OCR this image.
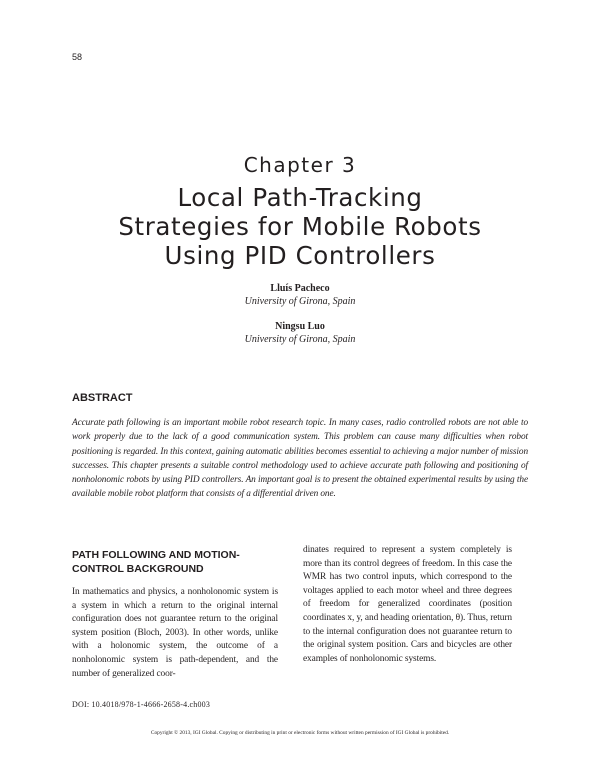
58
Chapter 3
Local Path-Tracking
Strategies for Mobile Robots
Using PID Controllers
Lluís Pacheco
University of Girona, Spain
Ningsu Luo
University of Girona, Spain
ABSTRACT
Accurate path following is an important mobile robot research topic. In many cases, radio controlled robots are not able to work properly due to the lack of a good communication system. This problem can cause many difficulties when robot positioning is regarded. In this context, gaining automatic abilities becomes essential to achieving a major number of mission successes. This chapter presents a suitable control methodology used to achieve accurate path following and positioning of nonholonomic robots by using PID controllers. An important goal is to present the obtained experimental results by using the available mobile robot platform that consists of a differential driven one.
PATH FOLLOWING AND MOTION-
CONTROL BACKGROUND
In mathematics and physics, a nonholonomic system is a system in which a return to the original internal configuration does not guarantee return to the original system position (Bloch, 2003). In other words, unlike with a holonomic system, the outcome of a nonholonomic system is path-dependent, and the number of generalized coor-
dinates required to represent a system completely is more than its control degrees of freedom. In this case the WMR has two control inputs, which correspond to the voltages applied to each motor wheel and three degrees of freedom for generalized coordinates (position coordinates x, y, and heading orientation, θ). Thus, return to the internal configuration does not guarantee return to the original system position. Cars and bicycles are other examples of nonholonomic systems.
DOI: 10.4018/978-1-4666-2658-4.ch003
Copyright © 2013, IGI Global. Copying or distributing in print or electronic forms without written permission of IGI Global is prohibited.
